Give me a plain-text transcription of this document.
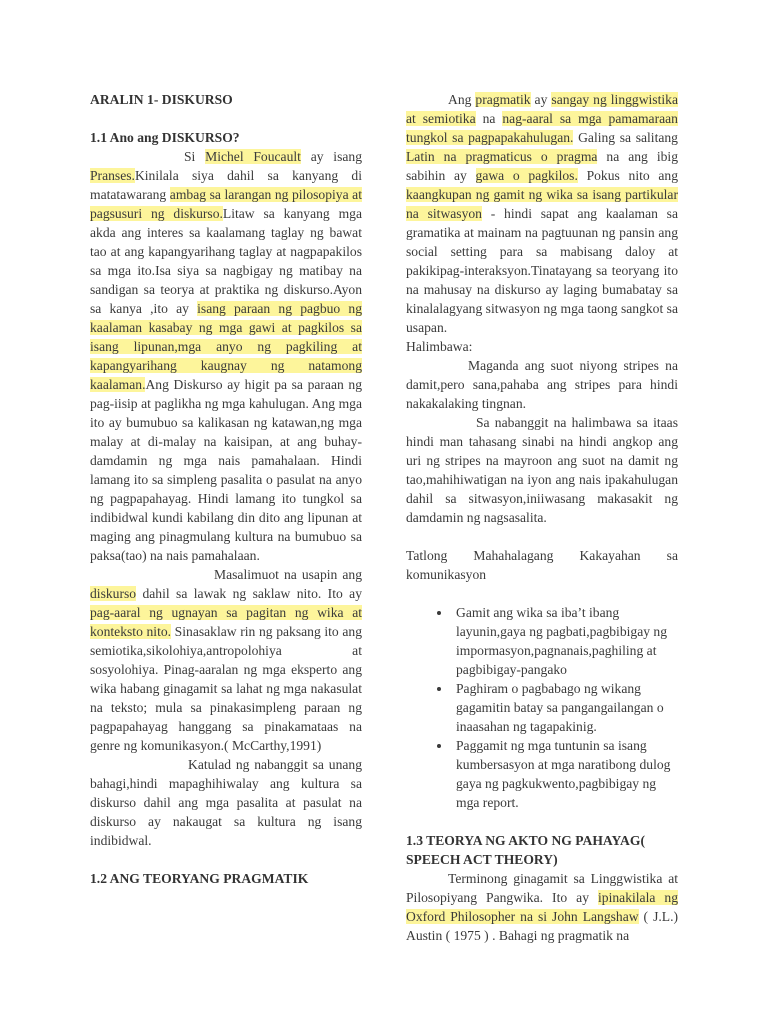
ARALIN 1- DISKURSO
1.1 Ano ang DISKURSO?

Si Michel Foucault ay isang Pranses.Kinilala siya dahil sa kanyang di matatawarang ambag sa larangan ng pilosopiya at pagsusuri ng diskurso.Litaw sa kanyang mga akda ang interes sa kaalamang taglay ng bawat tao at ang kapangyarihang taglay at nagpapakilos sa mga ito.Isa siya sa nagbigay ng matibay na sandigan sa teorya at praktika ng diskurso.Ayon sa kanya ,ito ay isang paraan ng pagbuo ng kaalaman kasabay ng mga gawi at pagkilos sa isang lipunan,mga anyo ng pagkiling at kapangyarihang kaugnay ng natamong kaalaman.Ang Diskurso ay higit pa sa paraan ng pag-iisip at paglikha ng mga kahulugan. Ang mga ito ay bumubuo sa kalikasan ng katawan,ng mga malay at di-malay na kaisipan, at ang buhay-damdamin ng mga nais pamahalaan. Hindi lamang ito sa simpleng pasalita o pasulat na anyo ng pagpapahayag. Hindi lamang ito tungkol sa indibidwal kundi kabilang din dito ang lipunan at maging ang pinagmulang kultura na bumubuo sa paksa(tao) na nais pamahalaan.

Masalimuot na usapin ang diskurso dahil sa lawak ng saklaw nito. Ito ay pag-aaral ng ugnayan sa pagitan ng wika at konteksto nito. Sinasaklaw rin ng paksang ito ang semiotika,sikolohiya,antropolohiya at sosyolohiya. Pinag-aaralan ng mga eksperto ang wika habang ginagamit sa lahat ng mga nakasulat na teksto; mula sa pinakasimpleng paraan ng pagpapahayag hanggang sa pinakamataas na genre ng komunikasyon.( McCarthy,1991)

Katulad ng nabanggit sa unang bahagi,hindi mapaghihiwalay ang kultura sa diskurso dahil ang mga pasalita at pasulat na diskurso ay nakaugat sa kultura ng isang indibidwal.

1.2 ANG TEORYANG PRAGMATIK

Ang pragmatik ay sangay ng linggwistika at semiotika na nag-aaral sa mga pamamaraan tungkol sa pagpapakahulugan. Galing sa salitang Latin na pragmaticus o pragma na ang ibig sabihin ay gawa o pagkilos. Pokus nito ang kaangkupan ng gamit ng wika sa isang partikular na sitwasyon - hindi sapat ang kaalaman sa gramatika at mainam na pagtuunan ng pansin ang social setting para sa mabisang daloy at pakikipag-interaksyon.Tinatayang sa teoryang ito na mahusay na diskurso ay laging bumabatay sa kinalalagyang sitwasyon ng mga taong sangkot sa usapan.

Halimbawa:

Maganda ang suot niyong stripes na damit,pero sana,pahaba ang stripes para hindi nakakalaking tingnan.

Sa nabanggit na halimbawa sa itaas hindi man tahasang sinabi na hindi angkop ang uri ng stripes na mayroon ang suot na damit ng tao,mahihiwatigan na iyon ang nais ipakahulugan dahil sa sitwasyon,iniiwasang makasakit ng damdamin ng nagsasalita.

Tatlong Mahahalagang Kakayahan sa

komunikasyon

• Gamit ang wika sa iba’t ibang layunin,gaya ng pagbati,pagbibigay ng impormasyon,pagnanais,paghiling at pagbibigay-pangako
• Paghiram o pagbabago ng wikang gagamitin batay sa pangangailangan o inaasahan ng tagapakinig.
• Paggamit ng mga tuntunin sa isang kumbersasyon at mga naratibong dulog gaya ng pagkukwento,pagbibigay ng mga report.
1.3 TEORYA NG AKTO NG PAHAYAG( SPEECH ACT THEORY)

Terminong ginagamit sa Linggwistika at Pilosopiyang Pangwika. Ito ay ipinakilala ng Oxford Philosopher na si John Langshaw ( J.L.) Austin ( 1975 ) . Bahagi ng pragmatik na
